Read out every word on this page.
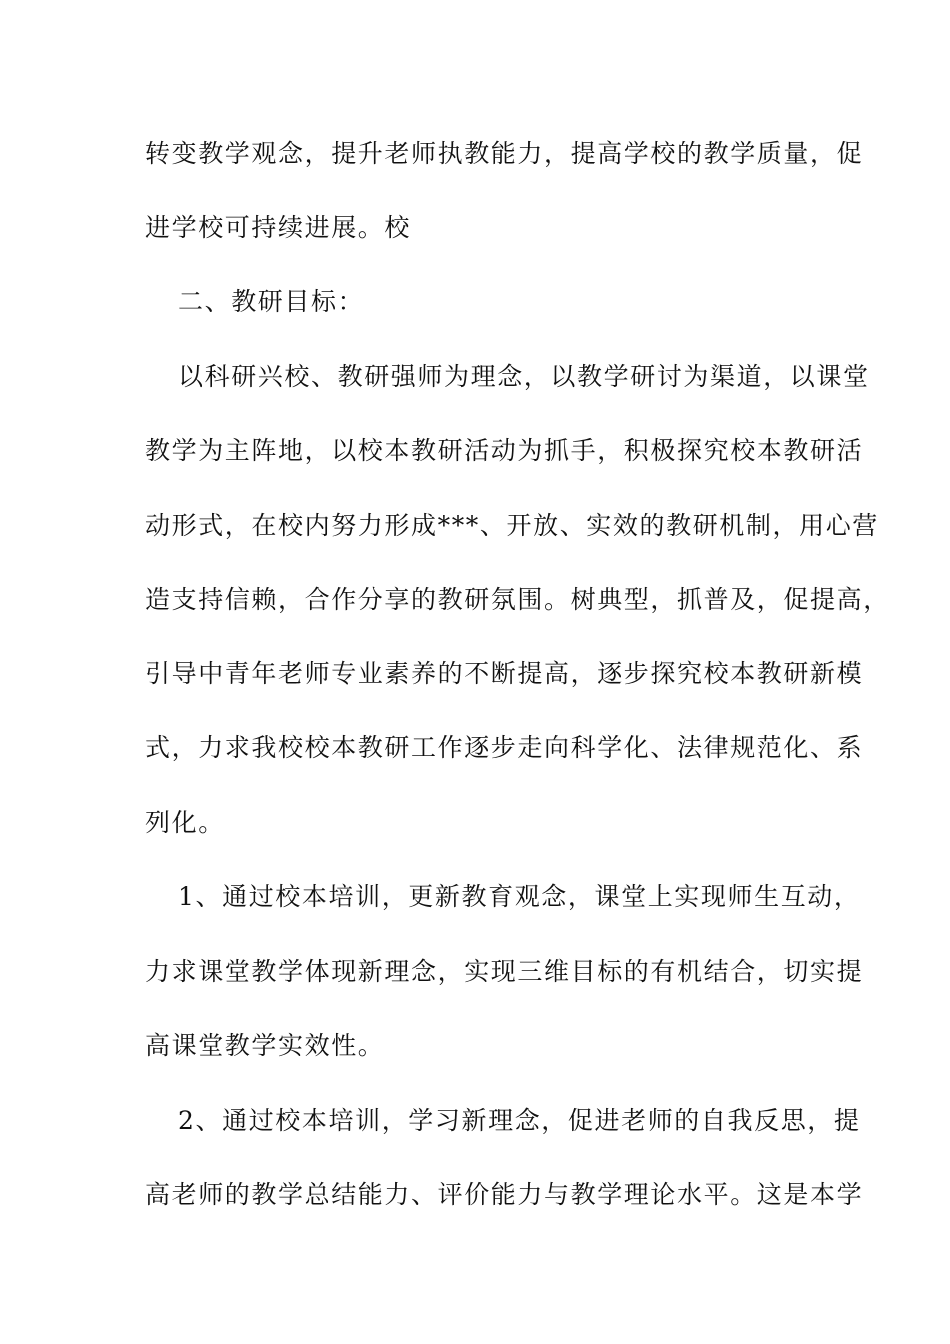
转变教学观念，提升老师执教能力，提高学校的教学质量，促
进学校可持续进展。校
二、教研目标：
以科研兴校、教研强师为理念，以教学研讨为渠道，以课堂
教学为主阵地，以校本教研活动为抓手，积极探究校本教研活
动形式，在校内努力形成***、开放、实效的教研机制，用心营
造支持信赖，合作分享的教研氛围。树典型，抓普及，促提高，
引导中青年老师专业素养的不断提高，逐步探究校本教研新模
式，力求我校校本教研工作逐步走向科学化、法律规范化、系
列化。
1、通过校本培训，更新教育观念，课堂上实现师生互动，
力求课堂教学体现新理念，实现三维目标的有机结合，切实提
高课堂教学实效性。
2、通过校本培训，学习新理念，促进老师的自我反思，提
高老师的教学总结能力、评价能力与教学理论水平。这是本学
